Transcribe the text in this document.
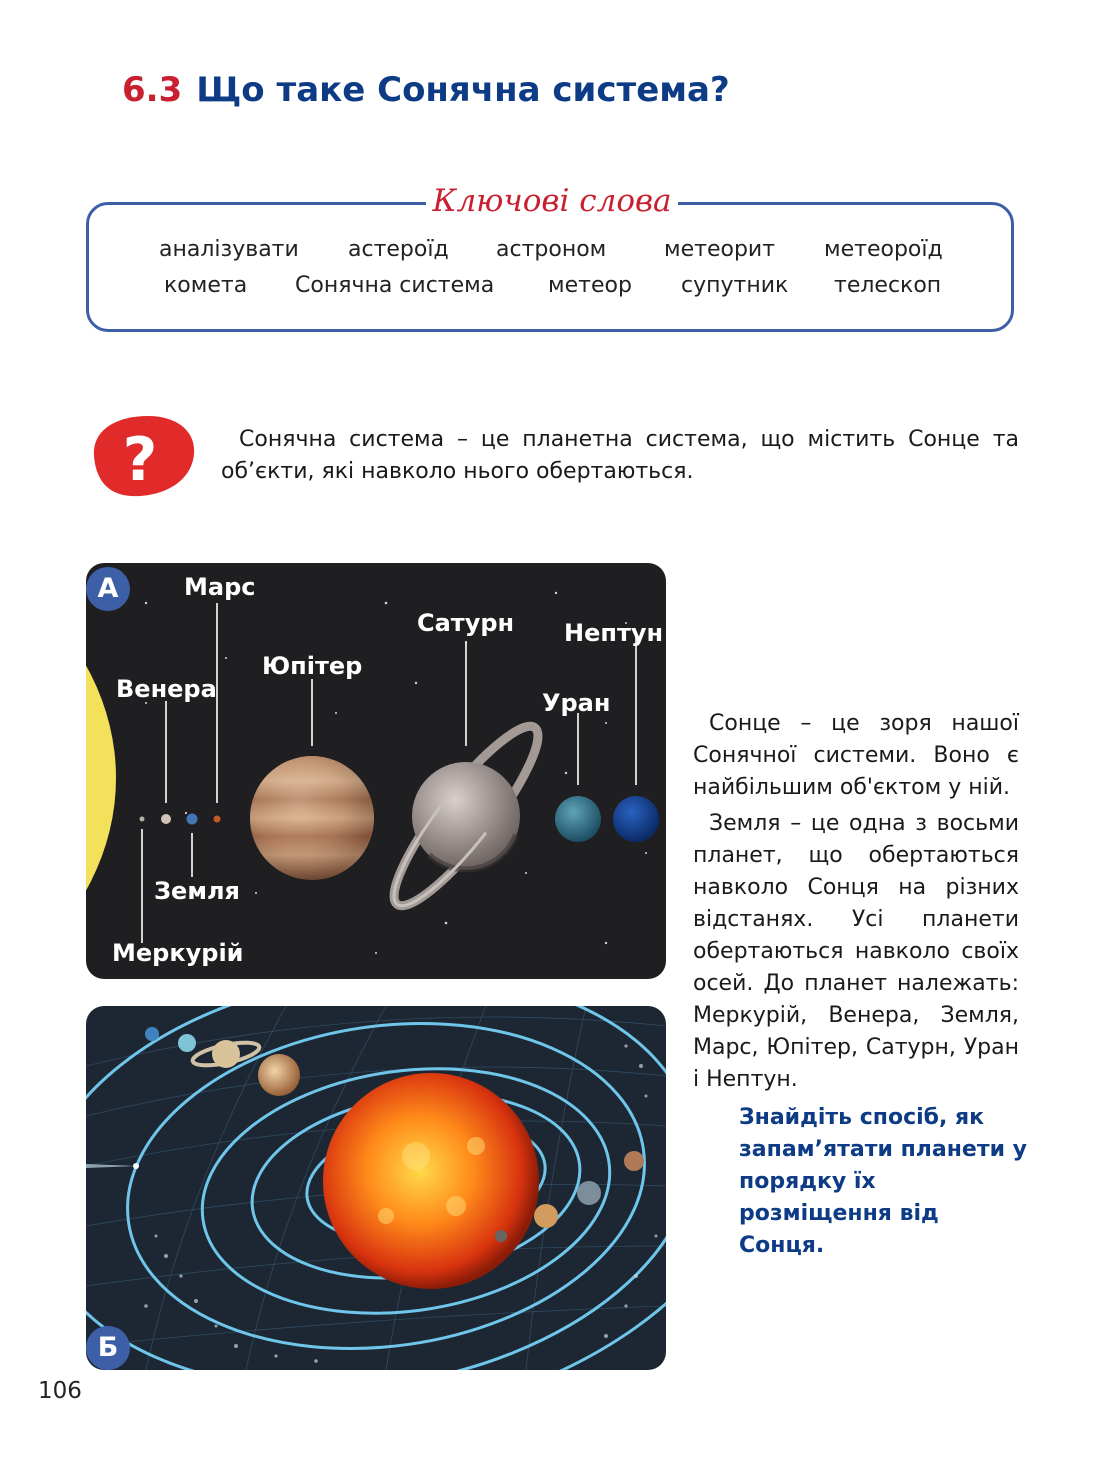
6.3 Що таке Сонячна система?
Ключові слова
аналізувати астероїд астроном	метеорит метеороїд
комета Сонячна система метеор супутник телескоп
?	Сонячна система – це планетна система, що містить Сонце та об’єкти, які навколо нього обертаються.
А	Марс
Сатурн Нептун
Юпітер
Венера	Уран
Земля
Меркурій
Б
Сонце – це зоря нашої Сонячної системи. Воно є найбільшим об'єктом у ній.
Земля – це одна з восьми планет, що обертаються навколо Сонця на різних відстанях. Усі планети обертаються навколо своїх осей. До планет належать: Меркурій, Венера, Земля, Марс, Юпітер, Сатурн, Уран і Нептун.
Знайдіть спосіб, як запам’ятати планети у порядку їх розміщення від Сонця.
106
